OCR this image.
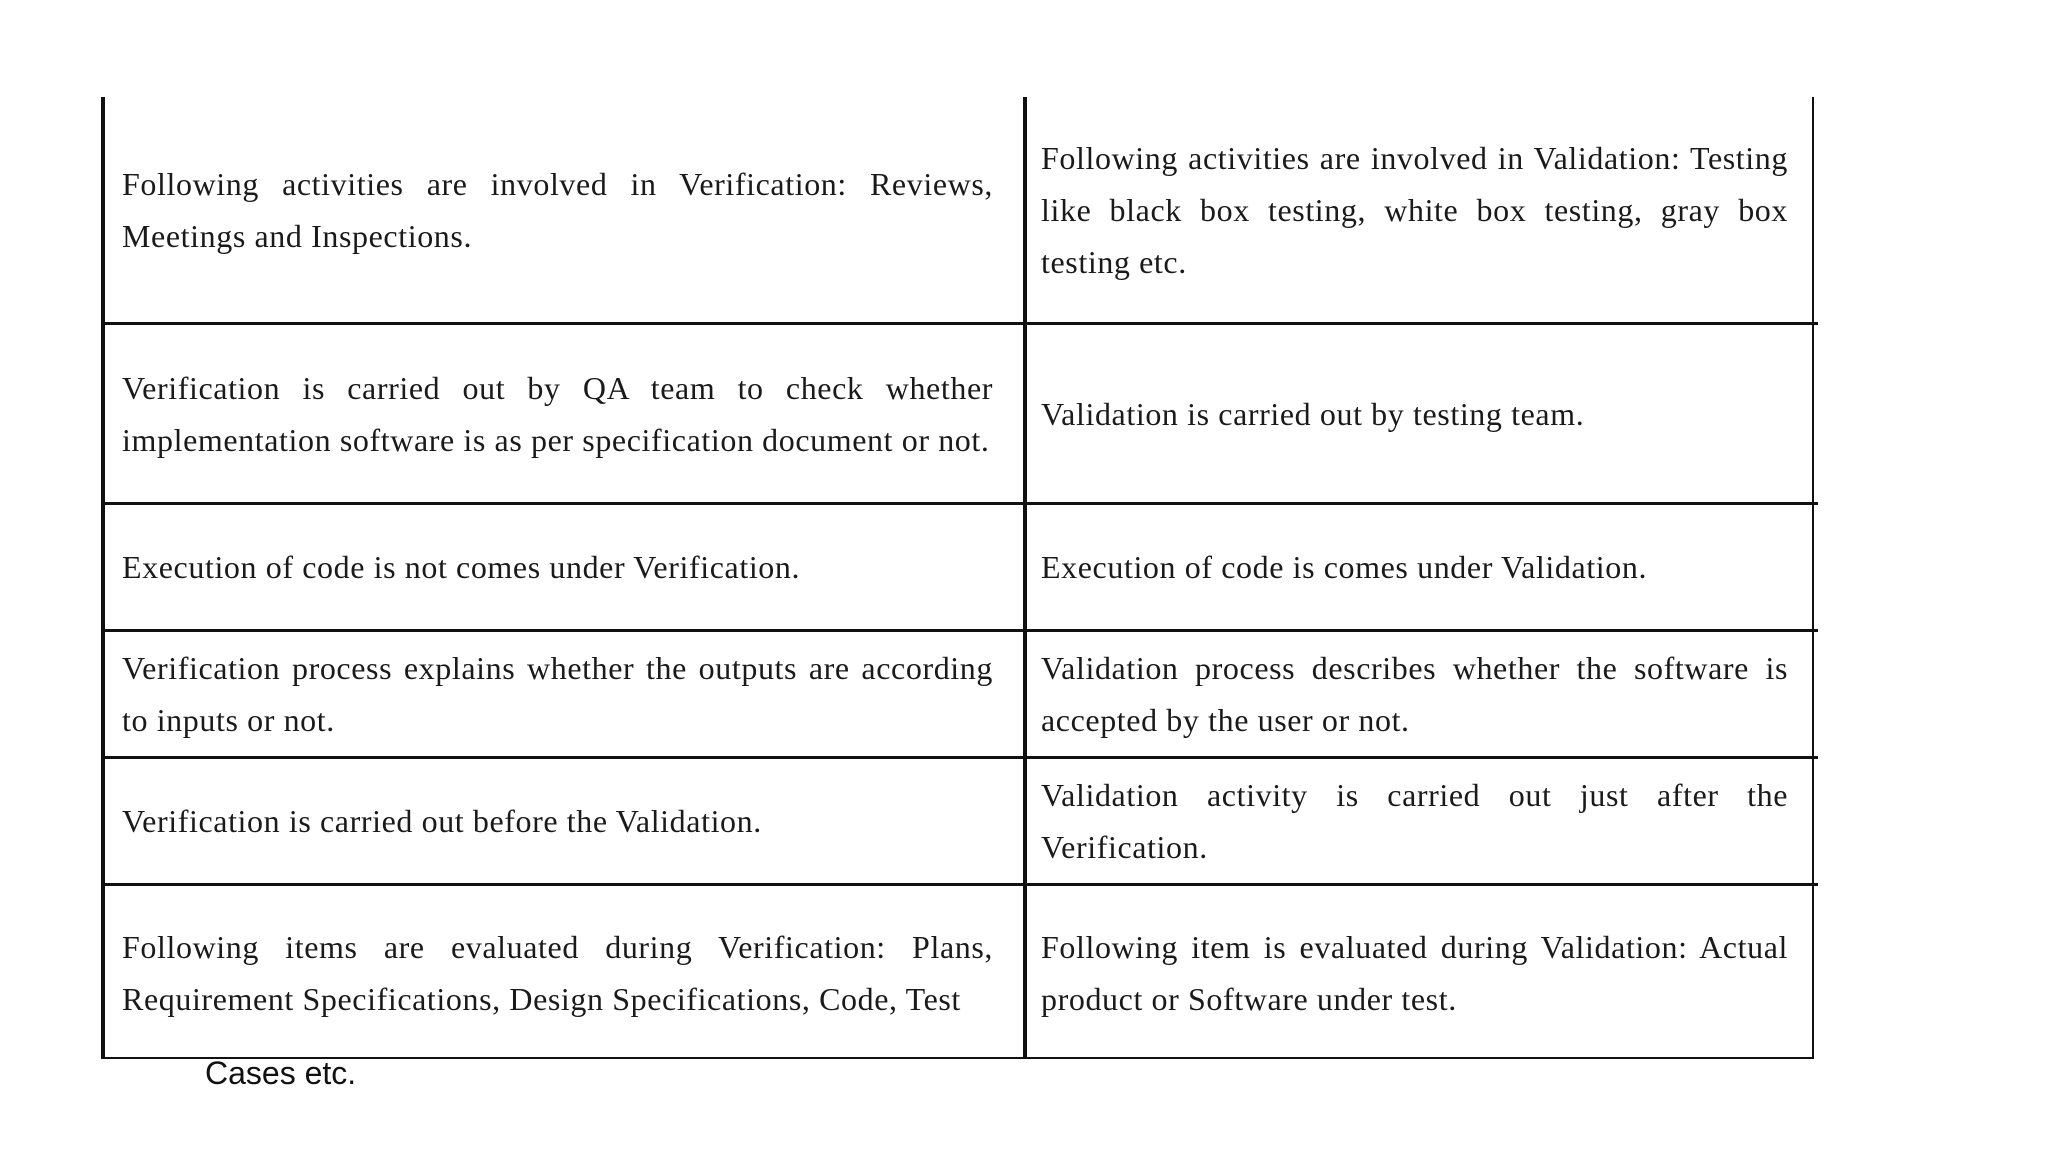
Following activities are involved in Verification: Reviews, Meetings and Inspections.
Following activities are involved in Validation: Testing like black box testing, white box testing, gray box testing etc.
Verification is carried out by QA team to check whether implementation software is as per specification document or not.
Validation is carried out by testing team.
Execution of code is not comes under Verification.	Execution of code is comes under Validation.
Verification process explains whether the outputs are according to inputs or not.
Validation process describes whether the software is accepted by the user or not.
Verification is carried out before the Validation.
Validation activity is carried out just after the Verification.
Following items are evaluated during Verification: Plans, Requirement Specifications, Design Specifications, Code, Test
Following item is evaluated during Validation: Actual product or Software under test.
Cases etc.
